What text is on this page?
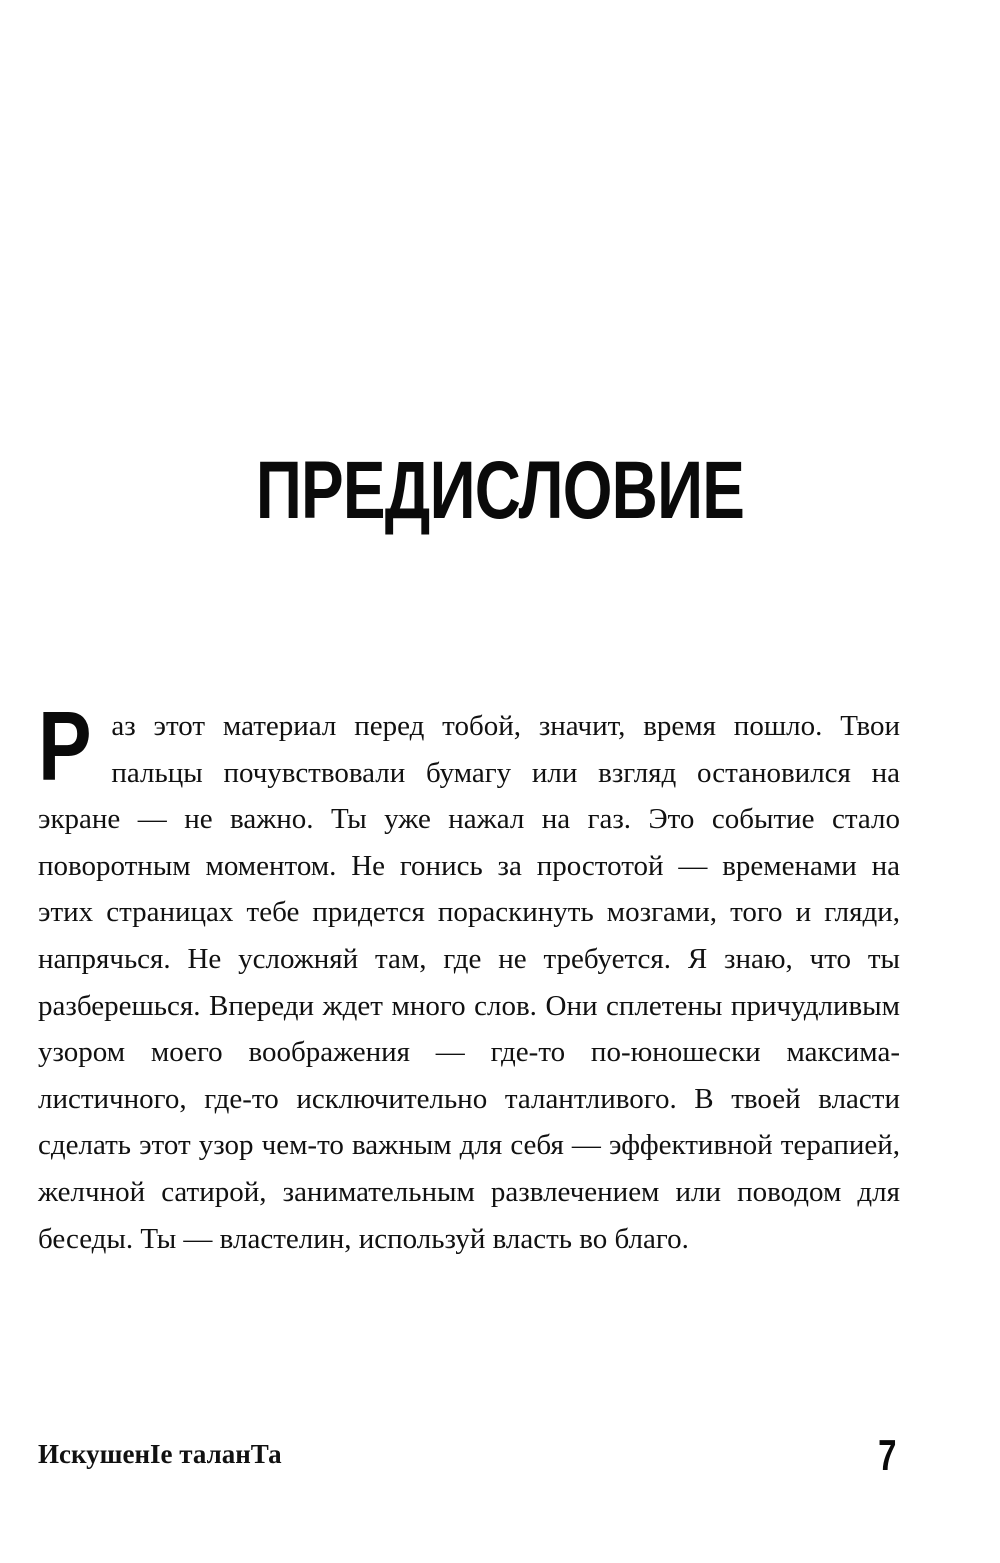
ПРЕДИСЛОВИЕ
Раз этот материал перед тобой, значит, время пошло. Твои пальцы почувствовали бумагу или взгляд остановился на экране — не важно. Ты уже нажал на газ. Это событие стало поворотным моментом. Не гонись за простотой — временами на этих страницах тебе придется пораскинуть мозгами, того и гляди, напрячься. Не усложняй там, где не требуется. Я знаю, что ты разберешься. Впереди ждет много слов. Они сплетены причудливым узором моего воображения — где-то по-юношески максималистичного, где-то исключительно талантливого. В твоей власти сделать этот узор чем-то важным для себя — эффективной терапией, желчной сатирой, занимательным развлечением или поводом для беседы. Ты — властелин, используй власть во благо.
ИскушенІе таланТа	7
